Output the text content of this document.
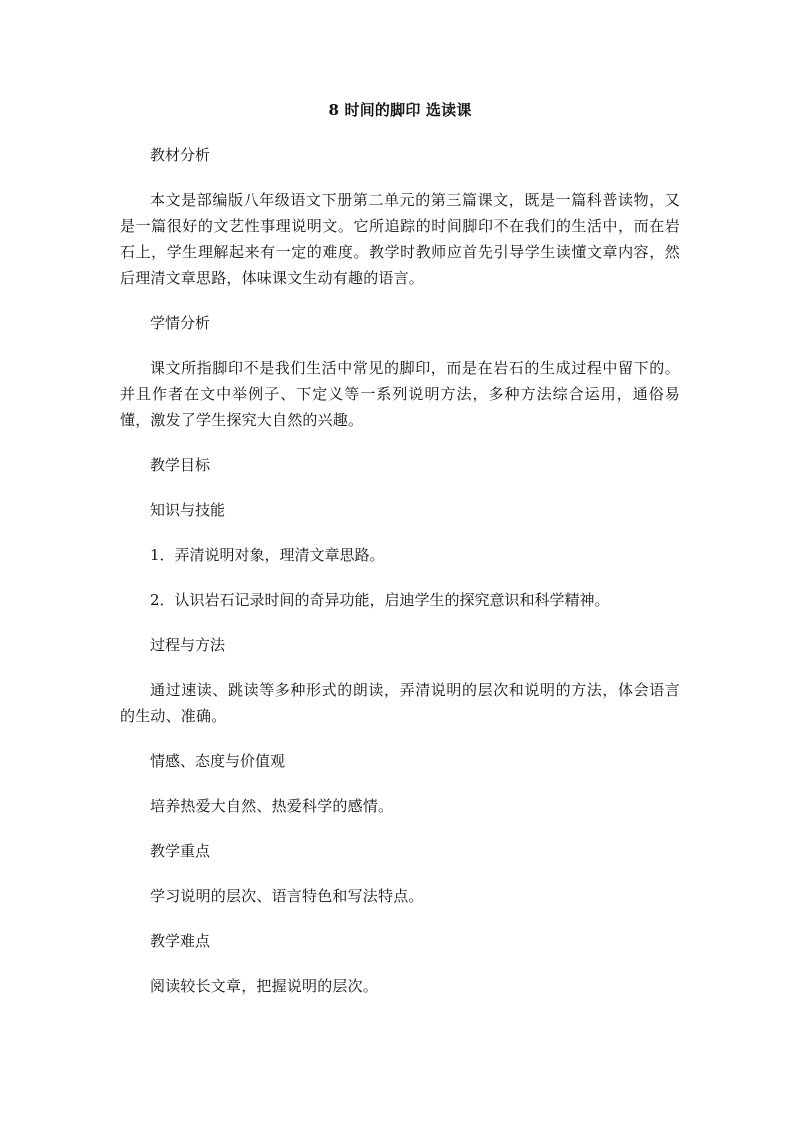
8 时间的脚印 选读课
教材分析
本文是部编版八年级语文下册第二单元的第三篇课文，既是一篇科普读物，又是一篇很好的文艺性事理说明文。它所追踪的时间脚印不在我们的生活中，而在岩石上，学生理解起来有一定的难度。教学时教师应首先引导学生读懂文章内容，然后理清文章思路，体味课文生动有趣的语言。
学情分析
课文所指脚印不是我们生活中常见的脚印，而是在岩石的生成过程中留下的。并且作者在文中举例子、下定义等一系列说明方法，多种方法综合运用，通俗易懂，激发了学生探究大自然的兴趣。
教学目标
知识与技能
1．弄清说明对象，理清文章思路。
2．认识岩石记录时间的奇异功能，启迪学生的探究意识和科学精神。
过程与方法
通过速读、跳读等多种形式的朗读，弄清说明的层次和说明的方法，体会语言的生动、准确。
情感、态度与价值观
培养热爱大自然、热爱科学的感情。
教学重点
学习说明的层次、语言特色和写法特点。
教学难点
阅读较长文章，把握说明的层次。
